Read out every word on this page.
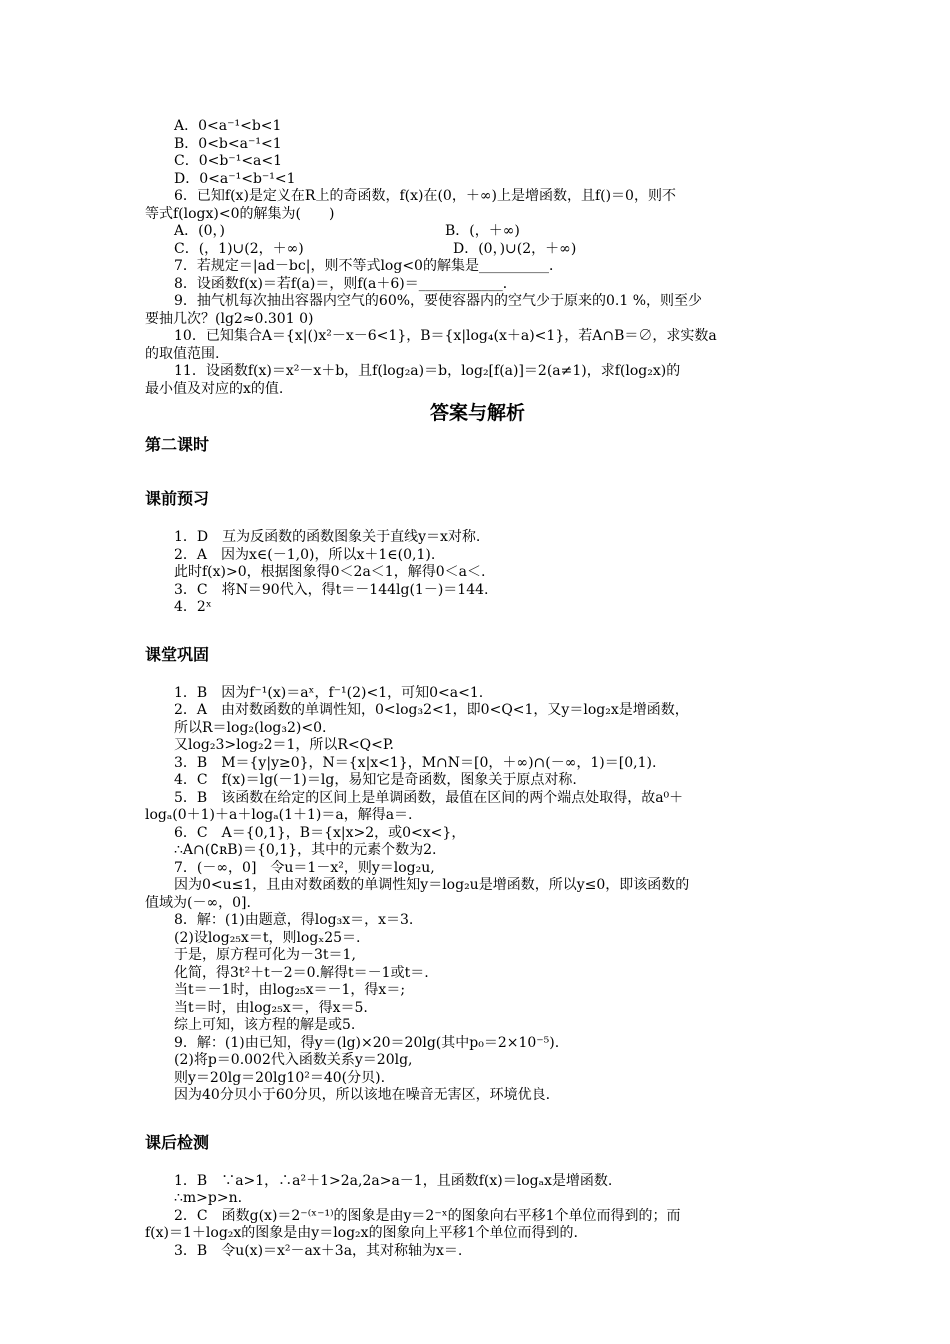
A．0<a⁻¹<b<1
B．0<b<a⁻¹<1
C．0<b⁻¹<a<1
D．0<a⁻¹<b⁻¹<1
6．已知f(x)是定义在R上的奇函数，f(x)在(0，＋∞)上是增函数，且f()＝0，则不
等式f(logx)<0的解集为(　　)
A．(0，)	B．(，＋∞)
C．(，1)∪(2，＋∞)	D．(0，)∪(2，＋∞)
7．若规定＝|ad－bc|，则不等式log<0的解集是__________．
8．设函数f(x)＝若f(a)＝，则f(a＋6)＝____________．
9．抽气机每次抽出容器内空气的60%，要使容器内的空气少于原来的0.1 %，则至少
要抽几次？(lg2≈0.301 0)
10．已知集合A＝{x|()x²－x－6<1}，B＝{x|log₄(x＋a)<1}，若A∩B＝∅，求实数a
的取值范围.
11．设函数f(x)＝x²－x＋b，且f(log₂a)＝b，log₂[f(a)]＝2(a≠1)，求f(log₂x)的
最小值及对应的x的值.
答案与解析
第二课时
课前预习
1．D　互为反函数的函数图象关于直线y＝x对称.
2．A　因为x∈(－1,0)，所以x＋1∈(0,1).
此时f(x)>0，根据图象得0＜2a＜1，解得0＜a＜.
3．C　将N＝90代入，得t＝－144lg(1－)＝144.
4．2ˣ
课堂巩固
1．B　因为f⁻¹(x)＝aˣ，f⁻¹(2)<1，可知0<a<1.
2．A　由对数函数的单调性知，0<log₃2<1，即0<Q<1，又y＝log₂x是增函数，
所以R＝log₂(log₃2)<0.
又log₂3>log₂2＝1，所以R<Q<P.
3．B　M＝{y|y≥0}，N＝{x|x<1}，M∩N＝[0，＋∞)∩(－∞，1)＝[0,1).
4．C　f(x)＝lg(－1)＝lg，易知它是奇函数，图象关于原点对称.
5．B　该函数在给定的区间上是单调函数，最值在区间的两个端点处取得，故a⁰＋
logₐ(0＋1)＋a＋logₐ(1＋1)＝a，解得a＝.
6．C　A＝{0,1}，B＝{x|x>2，或0<x<}，
∴A∩(∁ʀB)＝{0,1}，其中的元素个数为2.
7．(－∞，0]　令u＝1－x²，则y＝log₂u,
因为0<u≤1，且由对数函数的单调性知y＝log₂u是增函数，所以y≤0，即该函数的
值域为(－∞，0].
8．解：(1)由题意，得log₃x＝，x＝3.
(2)设log₂₅x＝t，则logₓ25＝.
于是，原方程可化为－3t＝1,
化简，得3t²＋t－2＝0.解得t＝－1或t＝.
当t＝－1时，由log₂₅x＝－1，得x＝;
当t＝时，由log₂₅x＝，得x＝5.
综上可知，该方程的解是或5.
9．解：(1)由已知，得y＝(lg)×20＝20lg(其中p₀＝2×10⁻⁵).
(2)将p＝0.002代入函数关系y＝20lg,
则y＝20lg＝20lg10²＝40(分贝).
因为40分贝小于60分贝，所以该地在噪音无害区，环境优良.
课后检测
1．B　∵a>1，∴a²＋1>2a,2a>a－1，且函数f(x)＝logₐx是增函数.
∴m>p>n.
2．C　函数g(x)＝2⁻⁽ˣ⁻¹⁾的图象是由y＝2⁻ˣ的图象向右平移1个单位而得到的；而
f(x)＝1＋log₂x的图象是由y＝log₂x的图象向上平移1个单位而得到的.
3．B　令u(x)＝x²－ax＋3a，其对称轴为x＝.
